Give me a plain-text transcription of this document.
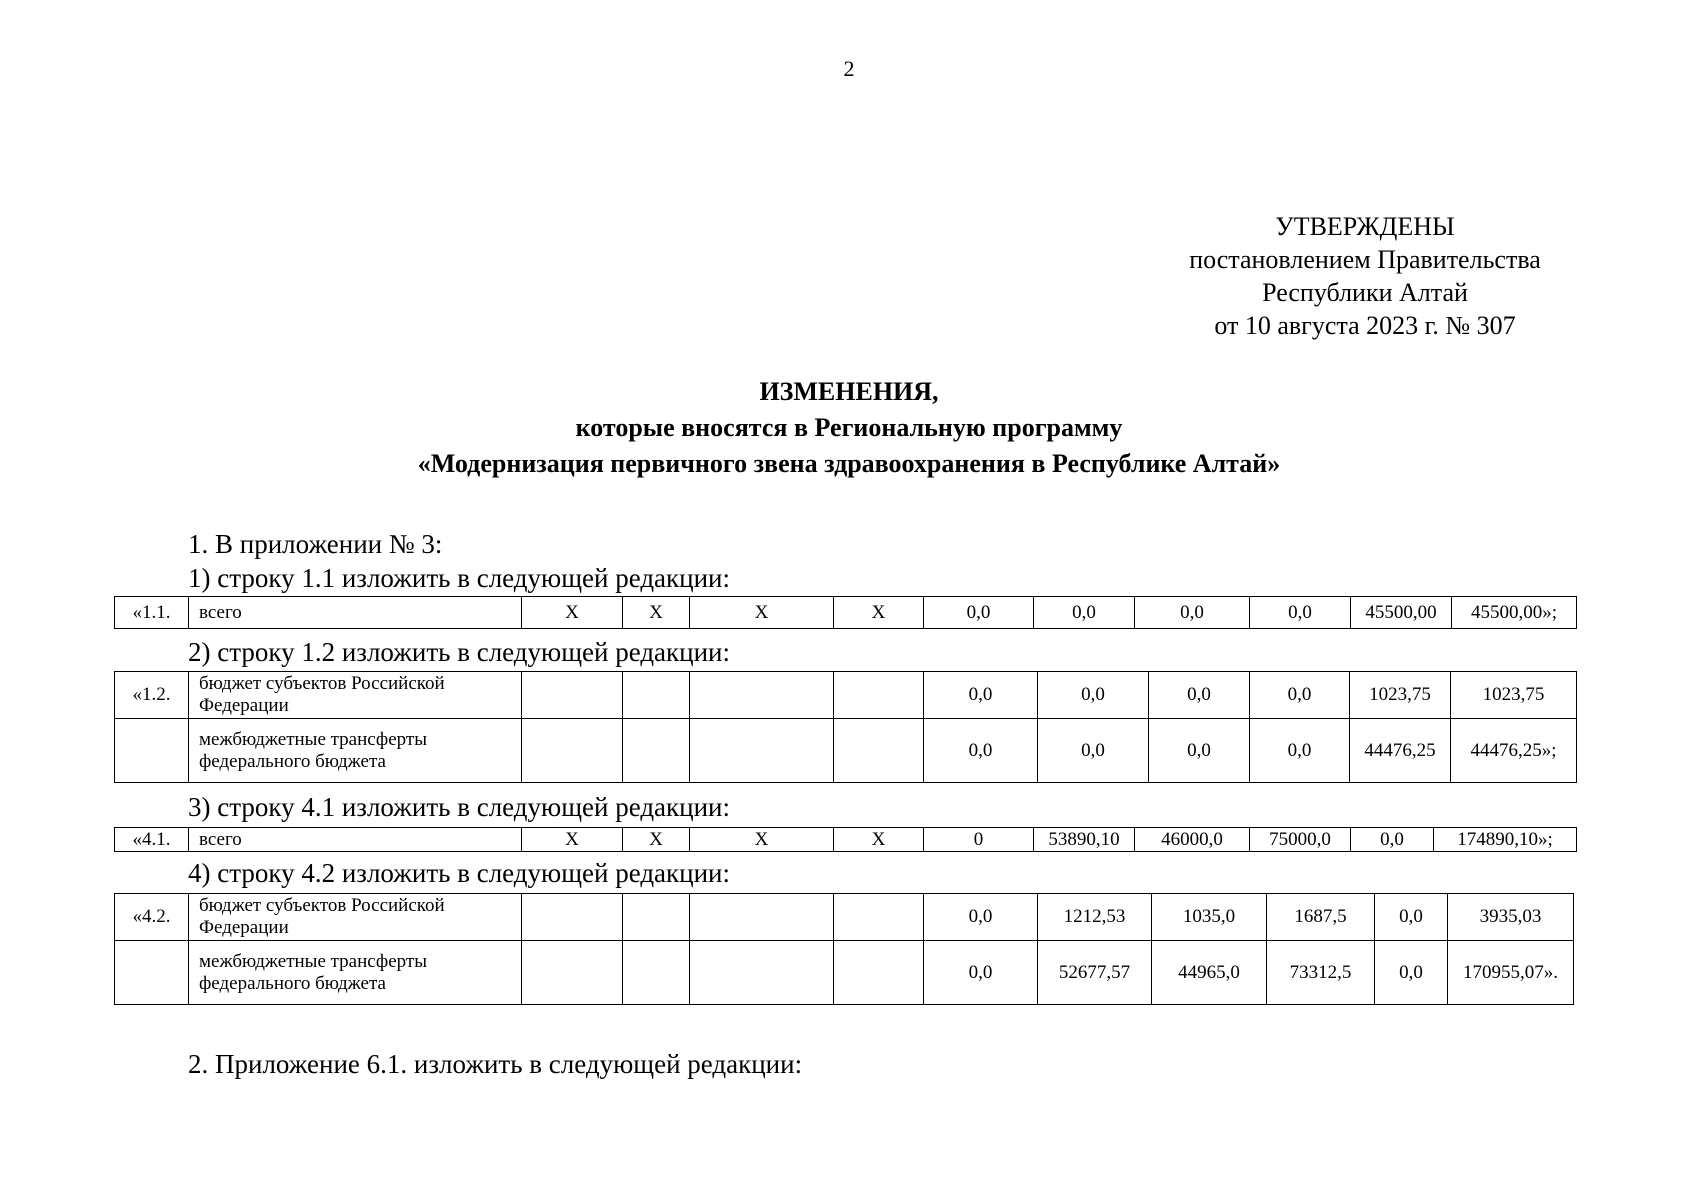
2
УТВЕРЖДЕНЫ
постановлением Правительства
Республики Алтай
от 10 августа 2023 г. № 307
ИЗМЕНЕНИЯ,
которые вносятся в Региональную программу
«Модернизация первичного звена здравоохранения в Республике Алтай»
1. В приложении № 3:
1) строку 1.1 изложить в следующей редакции:
«1.1.	всего	Х	Х	Х	Х	0,0	0,0	0,0	0,0	45500,00	45500,00»;
2) строку 1.2 изложить в следующей редакции:
«1.2.	бюджет субъектов Российской Федерации					0,0	0,0	0,0	0,0	1023,75	1023,75
	межбюджетные трансферты федерального бюджета					0,0	0,0	0,0	0,0	44476,25	44476,25»;
3) строку 4.1 изложить в следующей редакции:
«4.1.	всего	Х	Х	Х	Х	0	53890,10	46000,0	75000,0	0,0	174890,10»;
4) строку 4.2 изложить в следующей редакции:
«4.2.	бюджет субъектов Российской Федерации					0,0	1212,53	1035,0	1687,5	0,0	3935,03
	межбюджетные трансферты федерального бюджета					0,0	52677,57	44965,0	73312,5	0,0	170955,07».
2. Приложение 6.1. изложить в следующей редакции:
